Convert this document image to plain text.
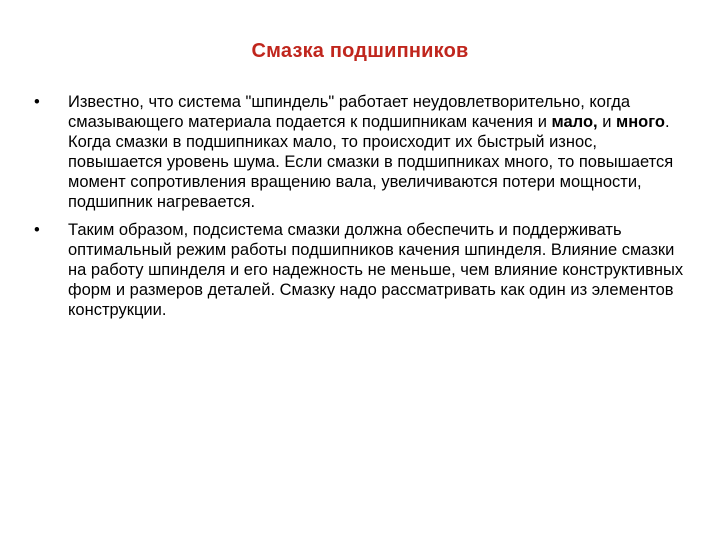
Смазка подшипников
•	Известно, что система "шпиндель" работает неудовлетворительно, когда смазывающего материала подается к подшипникам качения и мало, и много. Когда смазки в подшипниках мало, то происходит их быстрый износ, повышается уровень шума. Если смазки в подшипниках много, то повышается момент сопротивления вращению вала, увеличиваются потери мощности, подшипник нагревается.
•	Таким образом, подсистема смазки должна обеспечить и поддерживать оптимальный режим работы подшипников качения шпинделя. Влияние смазки на работу шпинделя и его надежность не меньше, чем влияние конструктивных форм и размеров деталей. Смазку надо рассматривать как один из элементов конструкции.
